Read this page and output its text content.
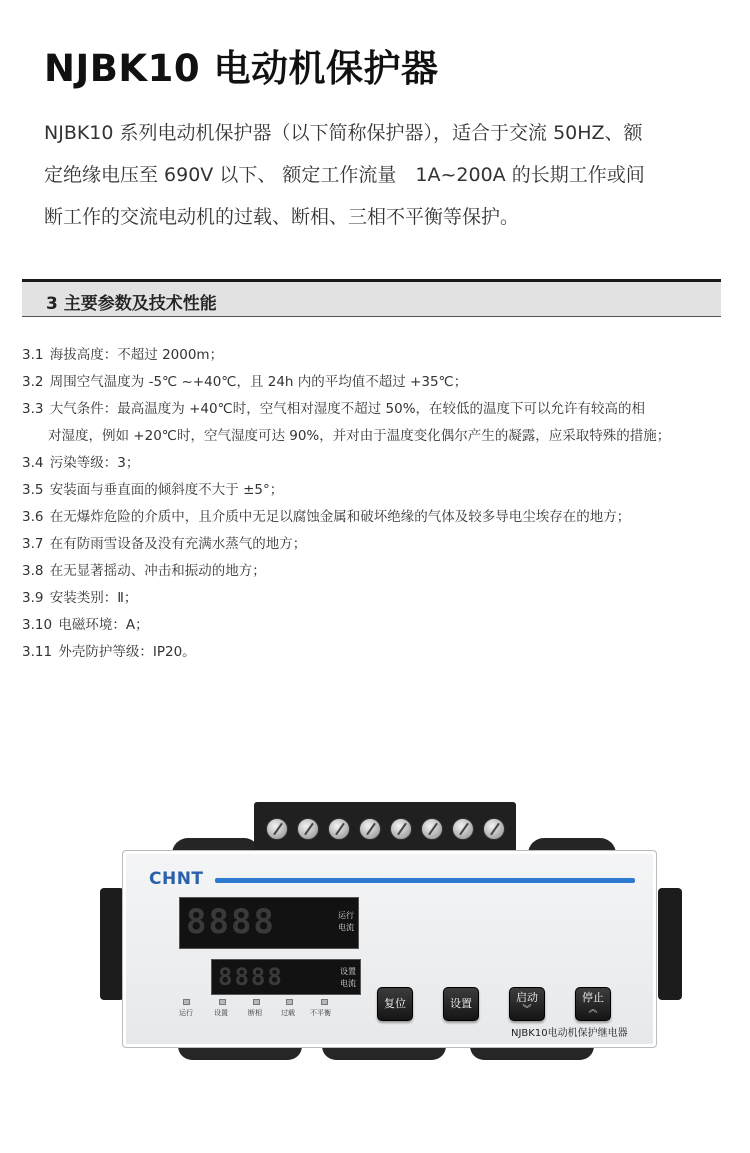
NJBK10 电动机保护器
NJBK10 系列电动机保护器（以下简称保护器），适合于交流 50HZ、额
定绝缘电压至 690V 以下、 额定工作流量　1A~200A 的长期工作或间
断工作的交流电动机的过载、断相、三相不平衡等保护。
3 主要参数及技术性能
3.1 海拔高度：不超过 2000m；
3.2 周围空气温度为 -5℃ ~+40℃，且 24h 内的平均值不超过 +35℃；
3.3 大气条件：最高温度为 +40℃时，空气相对湿度不超过 50%，在较低的温度下可以允许有较高的相
对湿度，例如 +20℃时，空气湿度可达 90%，并对由于温度变化偶尔产生的凝露，应采取特殊的措施；
3.4 污染等级：3；
3.5 安装面与垂直面的倾斜度不大于 ±5°；
3.6 在无爆炸危险的介质中，且介质中无足以腐蚀金属和破坏绝缘的气体及较多导电尘埃存在的地方；
3.7 在有防雨雪设备及没有充满水蒸气的地方；
3.8 在无显著摇动、冲击和振动的地方；
3.9 安装类别：Ⅱ；
3.10 电磁环境：A；
3.11 外壳防护等级：IP20。
CHNT
8888	运行
电流
8888	设置
电流
运行	设置	断相	过载 不平衡
复位	设置	启动
︾
停止
︽
NJBK10电动机保护继电器
